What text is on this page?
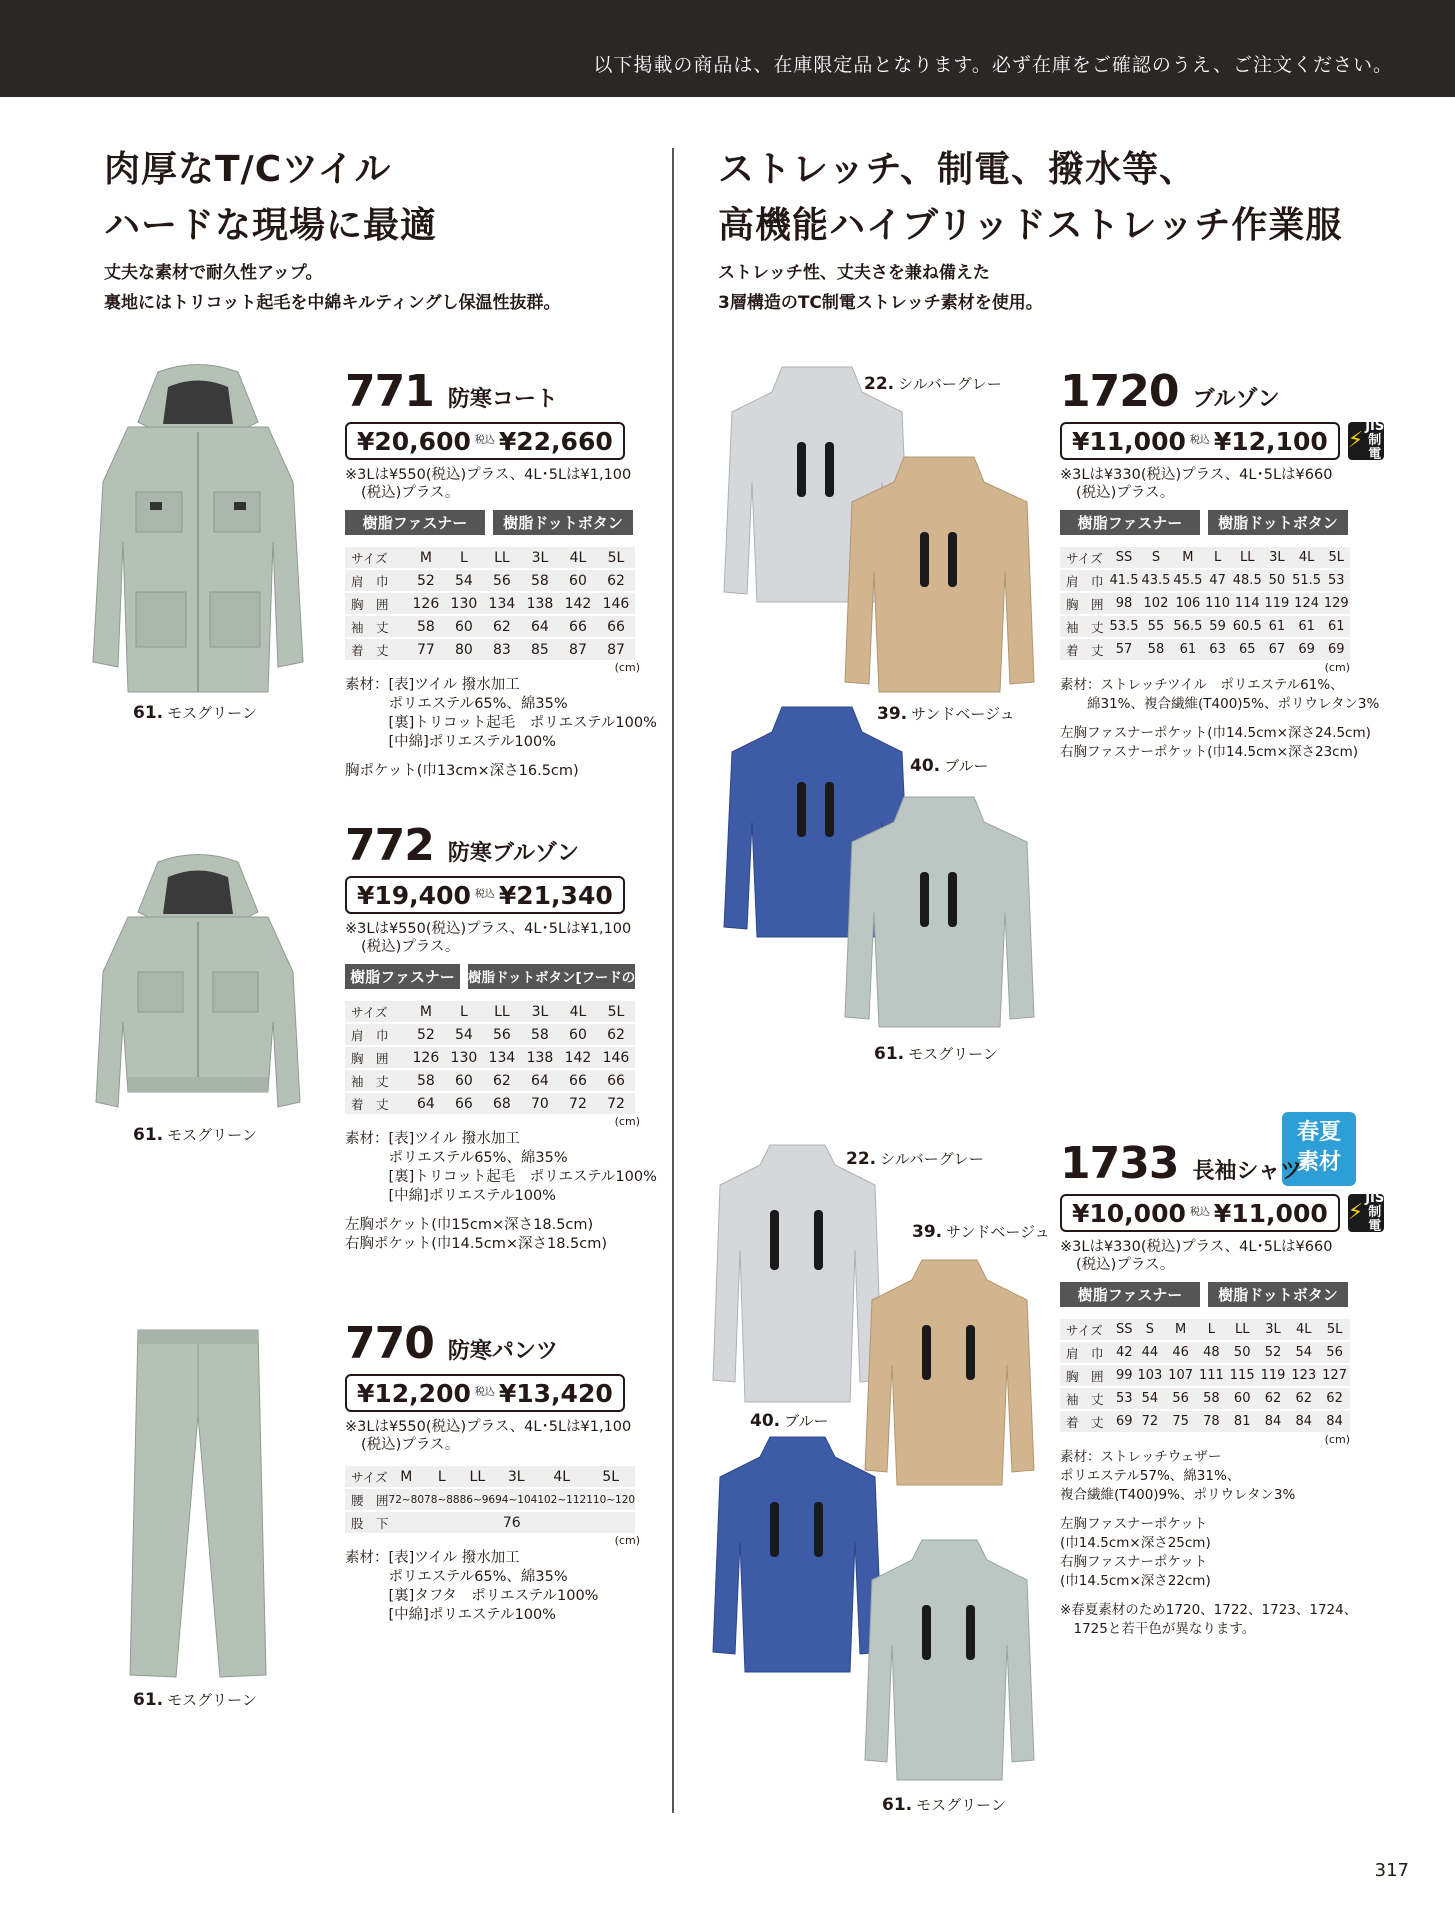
以下掲載の商品は、在庫限定品となります。必ず在庫をご確認のうえ、ご注文ください。
肉厚なT/Cツイル
ハードな現場に最適
丈夫な素材で耐久性アップ。
裏地にはトリコット起毛を中綿キルティングし保温性抜群。
ストレッチ、制電、撥水等、
高機能ハイブリッドストレッチ作業服
ストレッチ性、丈夫さを兼ね備えた
3層構造のTC制電ストレッチ素材を使用。
61. モスグリーン
61. モスグリーン
61. モスグリーン
22. シルバーグレー
39. サンドベージュ
40. ブルー
61. モスグリーン
22. シルバーグレー
39. サンドベージュ
40. ブルー
61. モスグリーン
771 防寒コート
¥20,600 税込 ¥22,660
※3Lは¥550(税込)プラス、4L･5Lは¥1,100
(税込)プラス。
樹脂ファスナー	樹脂ドットボタン
サイズ	M	L	LL	3L	4L	5L
肩　巾	52	54	56	58	60	62
胸　囲	126	130	134	138	142	146
袖　丈	58	60	62	64	66	66
着　丈	77	80	83	85	87	87
(cm)
素材：[表]ツイル 撥水加工
　　　ポリエステル65%、綿35%
　　　[裏]トリコット起毛　ポリエステル100%
　　　[中綿]ポリエステル100%
胸ポケット(巾13cm×深さ16.5cm)
772 防寒ブルゾン
¥19,400 税込 ¥21,340
※3Lは¥550(税込)プラス、4L･5Lは¥1,100
(税込)プラス。
樹脂ファスナー 樹脂ドットボタン[フードのみ]
サイズ	M	L	LL	3L	4L	5L
肩　巾	52	54	56	58	60	62
胸　囲	126	130	134	138	142	146
袖　丈	58	60	62	64	66	66
着　丈	64	66	68	70	72	72
(cm)
素材：[表]ツイル 撥水加工
　　　ポリエステル65%、綿35%
　　　[裏]トリコット起毛　ポリエステル100%
　　　[中綿]ポリエステル100%
左胸ポケット(巾15cm×深さ18.5cm)
右胸ポケット(巾14.5cm×深さ18.5cm)
770 防寒パンツ
¥12,200 税込 ¥13,420
※3Lは¥550(税込)プラス、4L･5Lは¥1,100
(税込)プラス。
サイズ	M	L	LL	3L	4L	5L
腰　囲	72~80	78~88	86~96	94~104	102~112	110~120
股　下	76					
(cm)
素材：[表]ツイル 撥水加工
　　　ポリエステル65%、綿35%
　　　[裏]タフタ　ポリエステル100%
　　　[中綿]ポリエステル100%
1720 ブルゾン
¥11,000 税込 ¥12,100 ⚡
JIS
制電
※3Lは¥330(税込)プラス、4L･5Lは¥660
(税込)プラス。
樹脂ファスナー	樹脂ドットボタン
サイズ	SS	S	M	L	LL	3L	4L	5L
肩　巾	41.5	43.5	45.5	47	48.5	50	51.5	53
胸　囲	98	102	106	110	114	119	124	129
袖　丈	53.5	55	56.5	59	60.5	61	61	61
着　丈	57	58	61	63	65	67	69	69
(cm)
素材：ストレッチツイル　ポリエステル61%、
　　綿31%、複合繊維(T400)5%、ポリウレタン3%
左胸ファスナーポケット(巾14.5cm×深さ24.5cm)
右胸ファスナーポケット(巾14.5cm×深さ23cm)
春夏
素材
1733 長袖シャツ
¥10,000 税込 ¥11,000 ⚡
JIS
制電
※3Lは¥330(税込)プラス、4L･5Lは¥660
(税込)プラス。
樹脂ファスナー	樹脂ドットボタン
サイズ	SS	S	M	L	LL	3L	4L	5L
肩　巾	42	44	46	48	50	52	54	56
胸　囲	99	103	107	111	115	119	123	127
袖　丈	53	54	56	58	60	62	62	62
着　丈	69	72	75	78	81	84	84	84
(cm)
素材：ストレッチウェザー
ポリエステル57%、綿31%、
複合繊維(T400)9%、ポリウレタン3%
左胸ファスナーポケット
(巾14.5cm×深さ25cm)
右胸ファスナーポケット
(巾14.5cm×深さ22cm)
※春夏素材のため1720、1722、1723、1724、
　1725と若干色が異なります。
317
